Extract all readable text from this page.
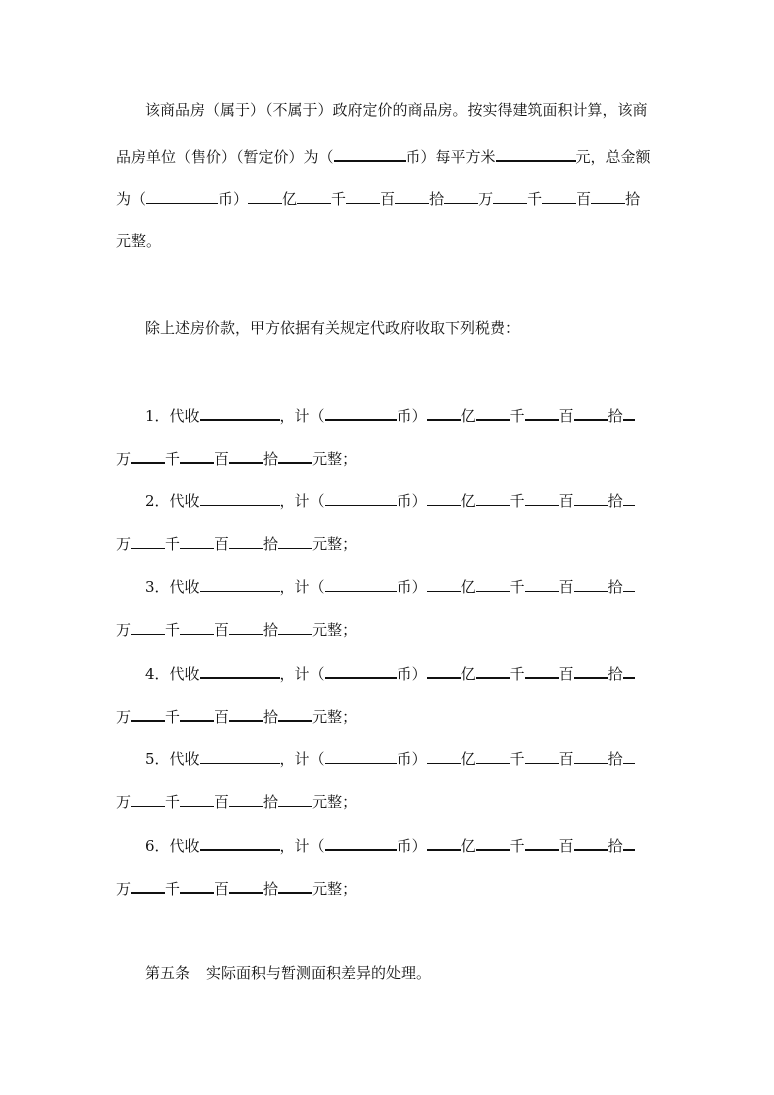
该商品房（属于）（不属于）政府定价的商品房。按实得建筑面积计算，该商
品房单位（售价）（暂定价）为（	币）每平方米	元，总金额
为（	币） 亿 千 百 拾 万 千 百 拾
元整。
除上述房价款，甲方依据有关规定代政府收取下列税费：
1．代收	，计（	币） 亿 千 百 拾
万 千 百 拾 元整；
2．代收	，计（	币） 亿 千 百 拾
万 千 百 拾 元整；
3．代收	，计（	币） 亿 千 百 拾
万 千 百 拾 元整；
4．代收	，计（	币） 亿 千 百 拾
万 千 百 拾 元整；
5．代收	，计（	币） 亿 千 百 拾
万 千 百 拾 元整；
6．代收	，计（	币） 亿 千 百 拾
万 千 百 拾 元整；
第五条 实际面积与暂测面积差异的处理。
